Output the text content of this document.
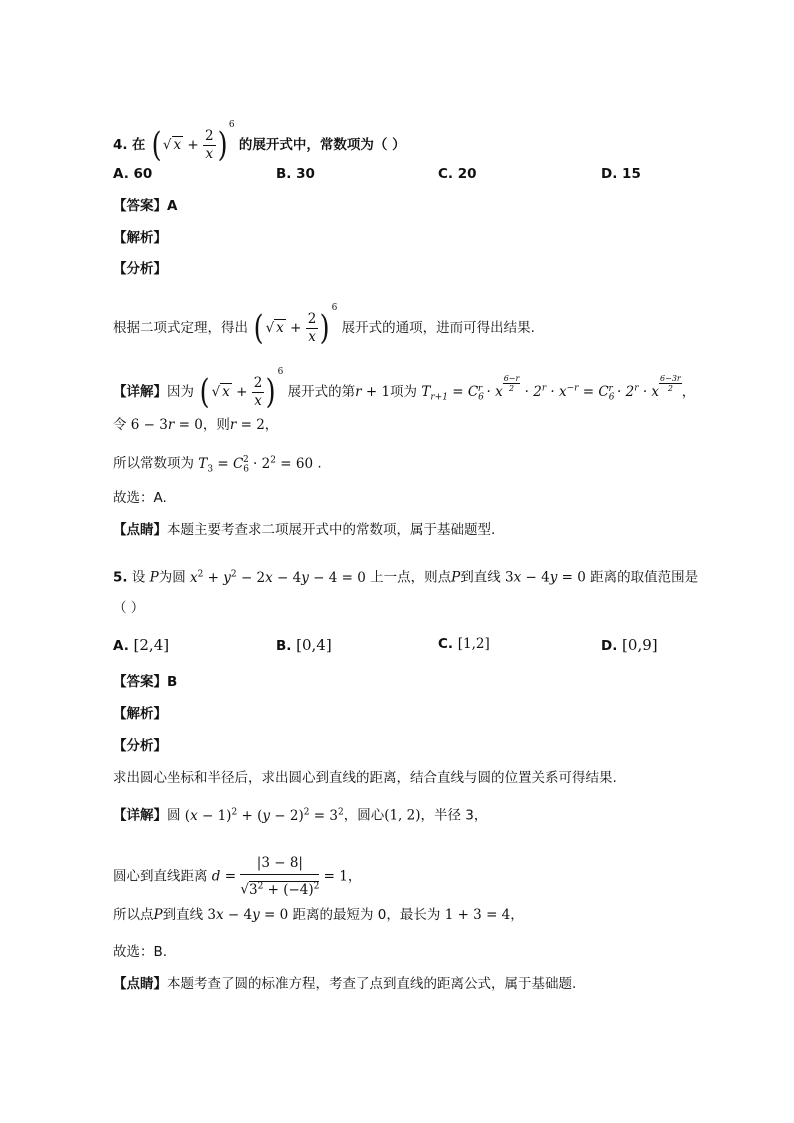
4. 在 ( √ $x + \frac{2}{x}$ ) $^6$ 的展开式中，常数项为（ ）
A. 60	B. 30	C. 20	D. 15
【答案】A
【解析】
【分析】
根据二项式定理，得出 ( √ $x + \frac{2}{x}$ ) $^6$ 展开式的通项，进而可得出结果.
【详解】因为 ( √ $x + \frac{2}{x}$ ) $^6$ 展开式的第r + 1项为 $T_{r+1} = C_6^r \cdot x \frac{6-r}{2} \cdot 2^r \cdot x^{-r} = C_6^r \cdot 2^r \cdot x \frac{6-3r}{2}$ ，
令 6 − 3r = 0，则r = 2，
所以常数项为 $T_3 = C_6^2 \cdot 2^2 = 60$ .
故选：A.
【点睛】本题主要考查求二项展开式中的常数项，属于基础题型.
5. 设 P为圆 $x^2 + y^2 - 2x - 4y - 4 = 0$ 上一点，则点P到直线 3x − 4y = 0 距离的取值范围是
（ ）
A. [2,4]	B. [0,4]	C. [1,2]	D. [0,9]
【答案】B
【解析】
【分析】
求出圆心坐标和半径后，求出圆心到直线的距离，结合直线与圆的位置关系可得结果.
【详解】圆 $(x - 1)^2 + (y - 2)^2 = 3^2$，圆心(1, 2)，半径 3，
圆心到直线距离 $d = \frac{|3 - 8|}{√3^2 + (-4)^2} = 1$，
所以点P到直线 3x − 4y = 0 距离的最短为 0，最长为 1 + 3 = 4，
故选：B.
【点睛】本题考查了圆的标准方程，考查了点到直线的距离公式，属于基础题.
